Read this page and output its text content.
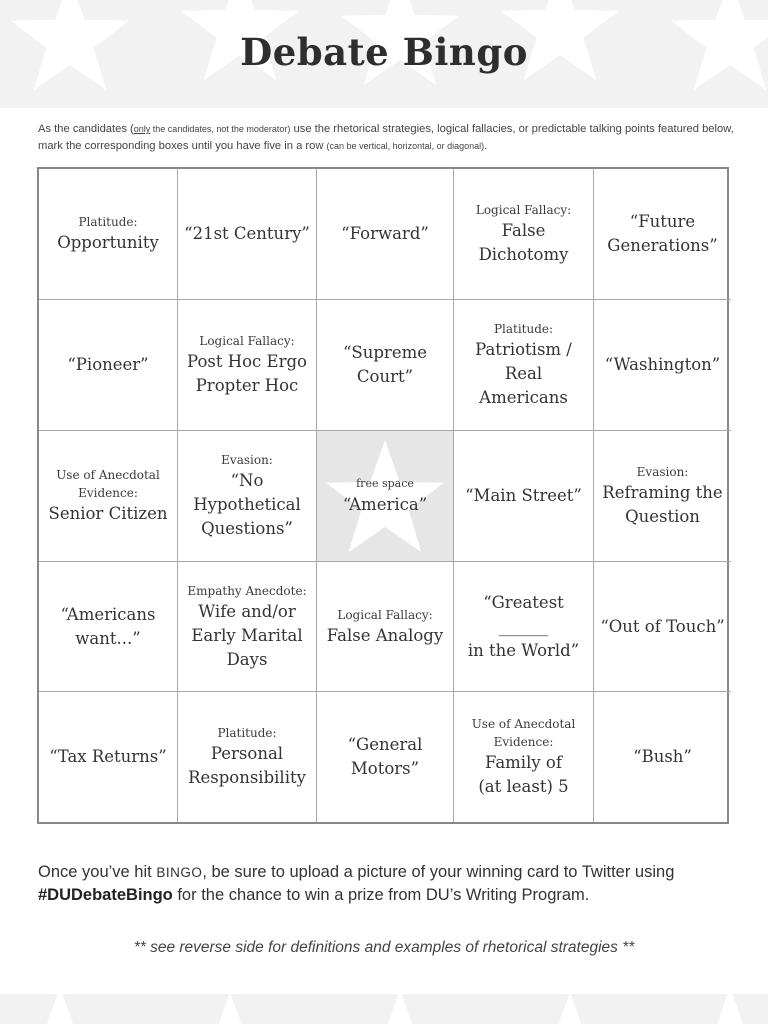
Debate Bingo
As the candidates (only the candidates, not the moderator) use the rhetorical strategies, logical fallacies, or predictable talking points featured below, mark the corresponding boxes until you have five in a row (can be vertical, horizontal, or diagonal).
Platitude:
Opportunity “21st Century” “Forward”
Logical Fallacy:
False
Dichotomy
“Future
Generations”
“Pioneer”
Logical Fallacy:
Post Hoc Ergo
Propter Hoc
“Supreme
Court”
Platitude:
Patriotism /
Real Americans
“Washington”
Use of Anecdotal
Evidence:
Senior Citizen
Evasion:
“No
Hypothetical
Questions”
free space
“America” “Main Street”
Evasion:
Reframing the
Question
“Americans
want...”
Empathy Anecdote:
Wife and/or
Early Marital
Days
Logical Fallacy:
False Analogy
“Greatest
______
in the World”
“Out of Touch”
“Tax Returns”
Platitude:
Personal
Responsibility
“General
Motors”
Use of Anecdotal
Evidence:
Family of
(at least) 5
“Bush”
Once you’ve hit BINGO, be sure to upload a picture of your winning card to Twitter using #DUDebateBingo for the chance to win a prize from DU’s Writing Program.
** see reverse side for definitions and examples of rhetorical strategies **
